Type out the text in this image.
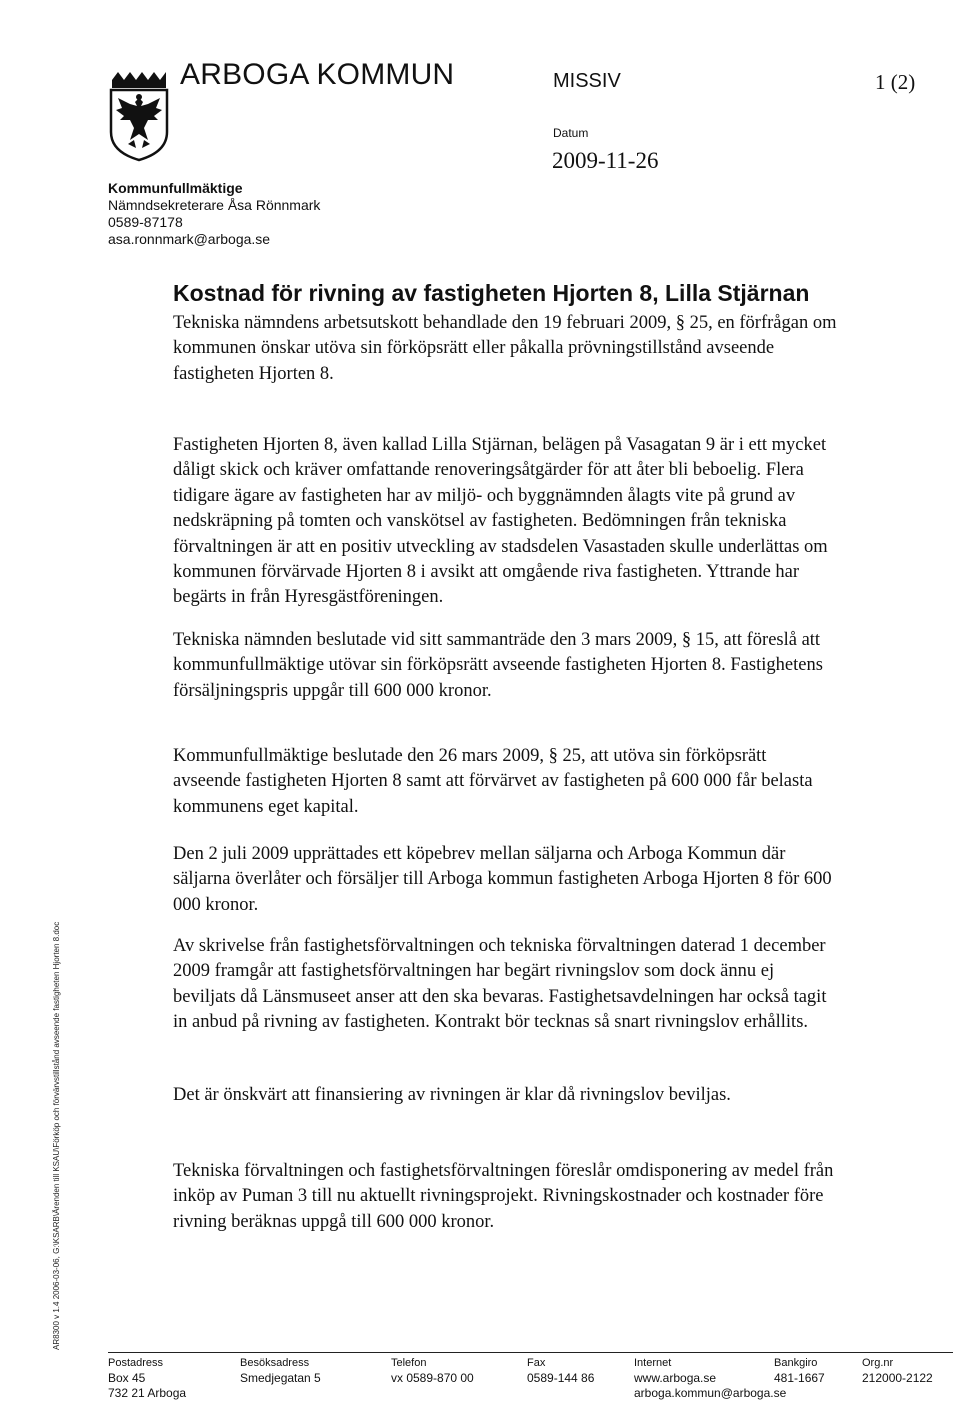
ARBOGA KOMMUN	MISSIV	1 (2)
Datum
2009-11-26
Kommunfullmäktige
Nämndsekreterare Åsa Rönnmark
0589-87178
asa.ronnmark@arboga.se
Kostnad för rivning av fastigheten Hjorten 8, Lilla Stjärnan

Tekniska nämndens arbetsutskott behandlade den 19 februari 2009, § 25, en förfrågan om kommunen önskar utöva sin förköpsrätt eller påkalla prövningstillstånd avseende fastigheten Hjorten 8.

Fastigheten Hjorten 8, även kallad Lilla Stjärnan, belägen på Vasagatan 9 är i ett mycket dåligt skick och kräver omfattande renoveringsåtgärder för att åter bli beboelig. Flera tidigare ägare av fastigheten har av miljö- och byggnämnden ålagts vite på grund av nedskräpning på tomten och vanskötsel av fastigheten. Bedömningen från tekniska förvaltningen är att en positiv utveckling av stadsdelen Vasastaden skulle underlättas om kommunen förvärvade Hjorten 8 i avsikt att omgående riva fastigheten. Yttrande har begärts in från Hyresgästföreningen.

Tekniska nämnden beslutade vid sitt sammanträde den 3 mars 2009, § 15, att föreslå att kommunfullmäktige utövar sin förköpsrätt avseende fastigheten Hjorten 8. Fastighetens försäljningspris uppgår till 600 000 kronor.

Kommunfullmäktige beslutade den 26 mars 2009, § 25, att utöva sin förköpsrätt avseende fastigheten Hjorten 8 samt att förvärvet av fastigheten på 600 000 får belasta kommunens eget kapital.

Den 2 juli 2009 upprättades ett köpebrev mellan säljarna och Arboga Kommun där säljarna överlåter och försäljer till Arboga kommun fastigheten Arboga Hjorten 8 för 600 000 kronor.

Av skrivelse från fastighetsförvaltningen och tekniska förvaltningen daterad 1 december 2009 framgår att fastighetsförvaltningen har begärt rivningslov som dock ännu ej beviljats då Länsmuseet anser att den ska bevaras. Fastighetsavdelningen har också tagit in anbud på rivning av fastigheten. Kontrakt bör tecknas så snart rivningslov erhållits.

Det är önskvärt att finansiering av rivningen är klar då rivningslov beviljas.

Tekniska förvaltningen och fastighetsförvaltningen föreslår omdisponering av medel från inköp av Puman 3 till nu aktuellt rivningsprojekt. Rivningskostnader och kostnader före rivning beräknas uppgå till 600 000 kronor.

AR8300 v 1.4 2006-03-06, G:\KSARB\Ärenden till KSAU\Förköp och förvärvstillstånd avseende fastigheten Hjorten 8.doc
Postadress
Box 45
732 21 Arboga
Besöksadress
Smedjegatan 5
Telefon
vx 0589-870 00
Fax
0589-144 86
Internet
www.arboga.se
arboga.kommun@arboga.se
Bankgiro
481-1667
Org.nr
212000-2122
